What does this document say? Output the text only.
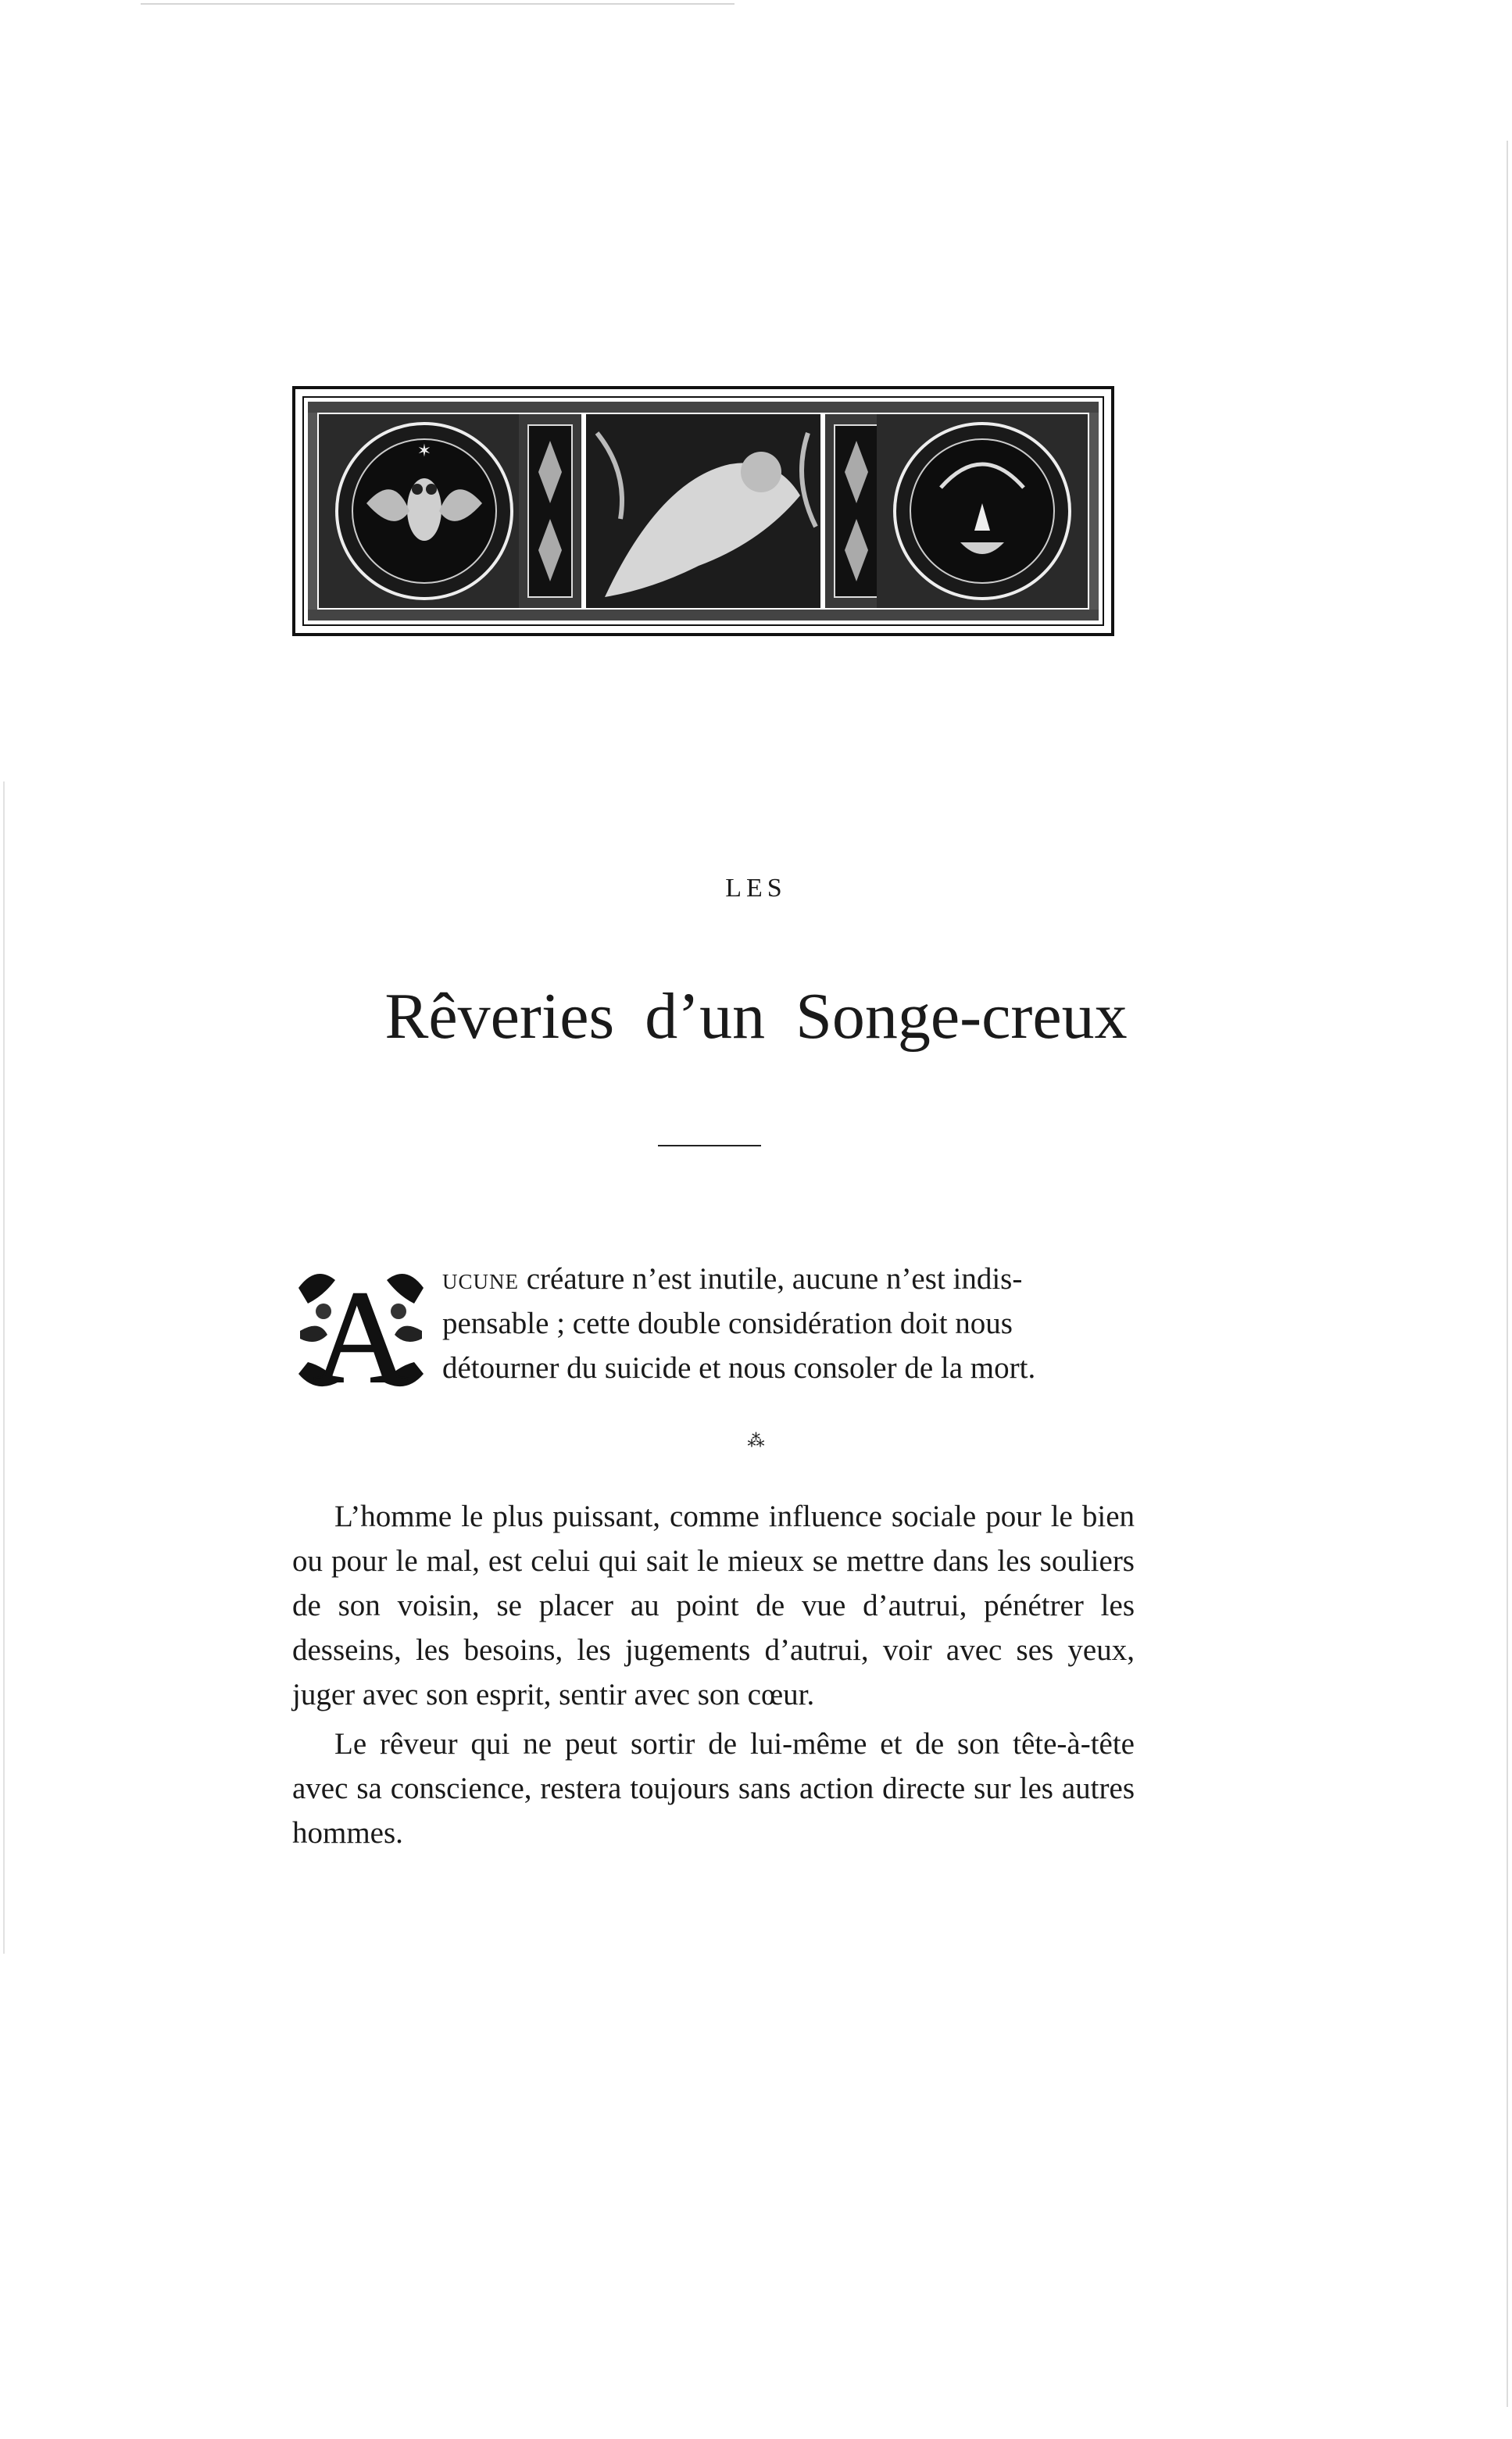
✶
LES
Rêveries d’un Songe-creux
A ucune créature n’est inutile, aucune n’est indis-
pensable ; cette double considération doit nous
détourner du suicide et nous consoler de la mort.
⁂

L’homme le plus puissant, comme influence sociale pour le bien ou pour le mal, est celui qui sait le mieux se mettre dans les souliers de son voisin, se placer au point de vue d’autrui, pénétrer les desseins, les besoins, les jugements d’autrui, voir avec ses yeux, juger avec son esprit, sentir avec son cœur.

Le rêveur qui ne peut sortir de lui-même et de son tête-à-tête avec sa conscience, restera toujours sans action directe sur les autres hommes.
